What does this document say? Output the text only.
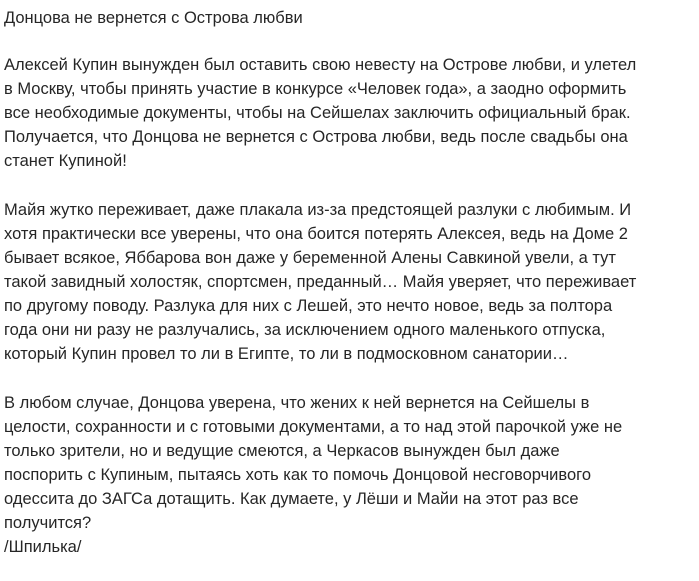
Донцова не вернется с Острова любви

Алексей Купин вынужден был оставить свою невесту на Острове любви, и улетел
в Москву, чтобы принять участие в конкурсе «Человек года», а заодно оформить
все необходимые документы, чтобы на Сейшелах заключить официальный брак.
Получается, что Донцова не вернется с Острова любви, ведь после свадьбы она
станет Купиной!

Майя жутко переживает, даже плакала из-за предстоящей разлуки с любимым. И
хотя практически все уверены, что она боится потерять Алексея, ведь на Доме 2
бывает всякое, Яббарова вон даже у беременной Алены Савкиной увели, а тут
такой завидный холостяк, спортсмен, преданный… Майя уверяет, что переживает
по другому поводу. Разлука для них с Лешей, это нечто новое, ведь за полтора
года они ни разу не разлучались, за исключением одного маленького отпуска,
который Купин провел то ли в Египте, то ли в подмосковном санатории…

В любом случае, Донцова уверена, что жених к ней вернется на Сейшелы в
целости, сохранности и с готовыми документами, а то над этой парочкой уже не
только зрители, но и ведущие смеются, а Черкасов вынужден был даже
поспорить с Купиным, пытаясь хоть как то помочь Донцовой несговорчивого
одессита до ЗАГСа дотащить. Как думаете, у Лёши и Майи на этот раз все
получится?

/Шпилька/
